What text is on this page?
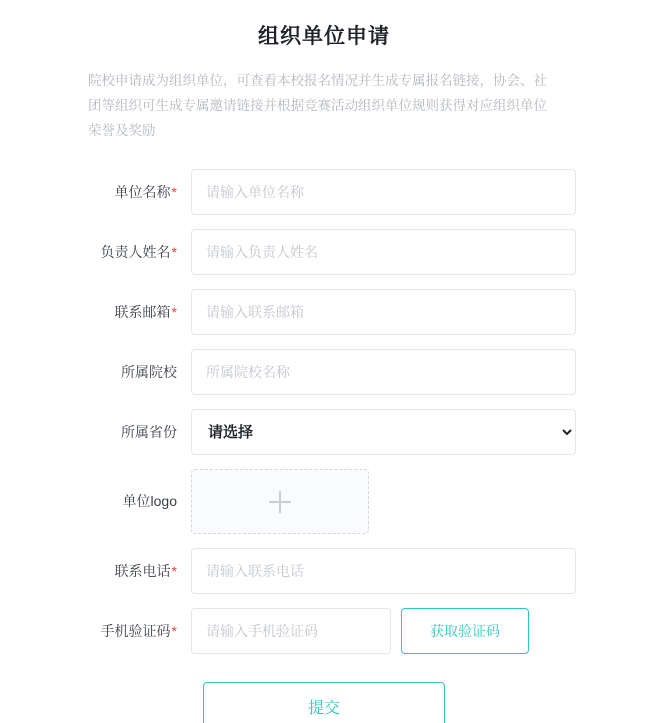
组织单位申请

院校申请成为组织单位，可查看本校报名情况并生成专属报名链接，协会、社团等组织可生成专属邀请链接并根据竞赛活动组织单位规则获得对应组织单位荣誉及奖励

单位名称*
请输入单位名称
负责人姓名*
请输入负责人姓名
联系邮箱*
请输入联系邮箱
所属院校
所属院校名称
所属省份
请选择
单位logo
联系电话*
请输入联系电话
手机验证码*
请输入手机验证码	获取验证码
提交
